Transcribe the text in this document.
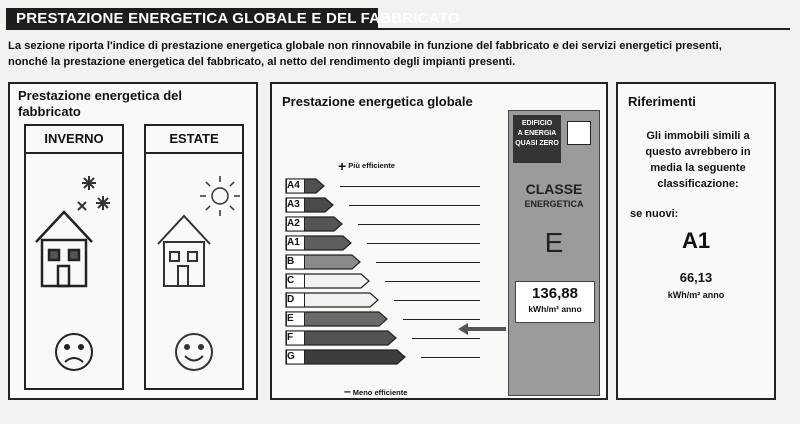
PRESTAZIONE ENERGETICA GLOBALE E DEL FABBRICATO
La sezione riporta l'indice di prestazione energetica globale non rinnovabile in funzione del fabbricato e dei servizi energetici presenti,
nonché la prestazione energetica del fabbricato, al netto del rendimento degli impianti presenti.
Prestazione energetica del
fabbricato
INVERNO	ESTATE
Prestazione energetica globale
+ Più efficiente
A4
A3
A2
A1
B
C
D
E
F
G
– Meno efficiente
EDIFICIO
A ENERGIA
QUASI ZERO
CLASSE
ENERGETICA
E
136,88
kWh/m² anno
Riferimenti
Gli immobili simili a
questo avrebbero in
media la seguente
classificazione:
se nuovi:
A1
66,13
kWh/m² anno
